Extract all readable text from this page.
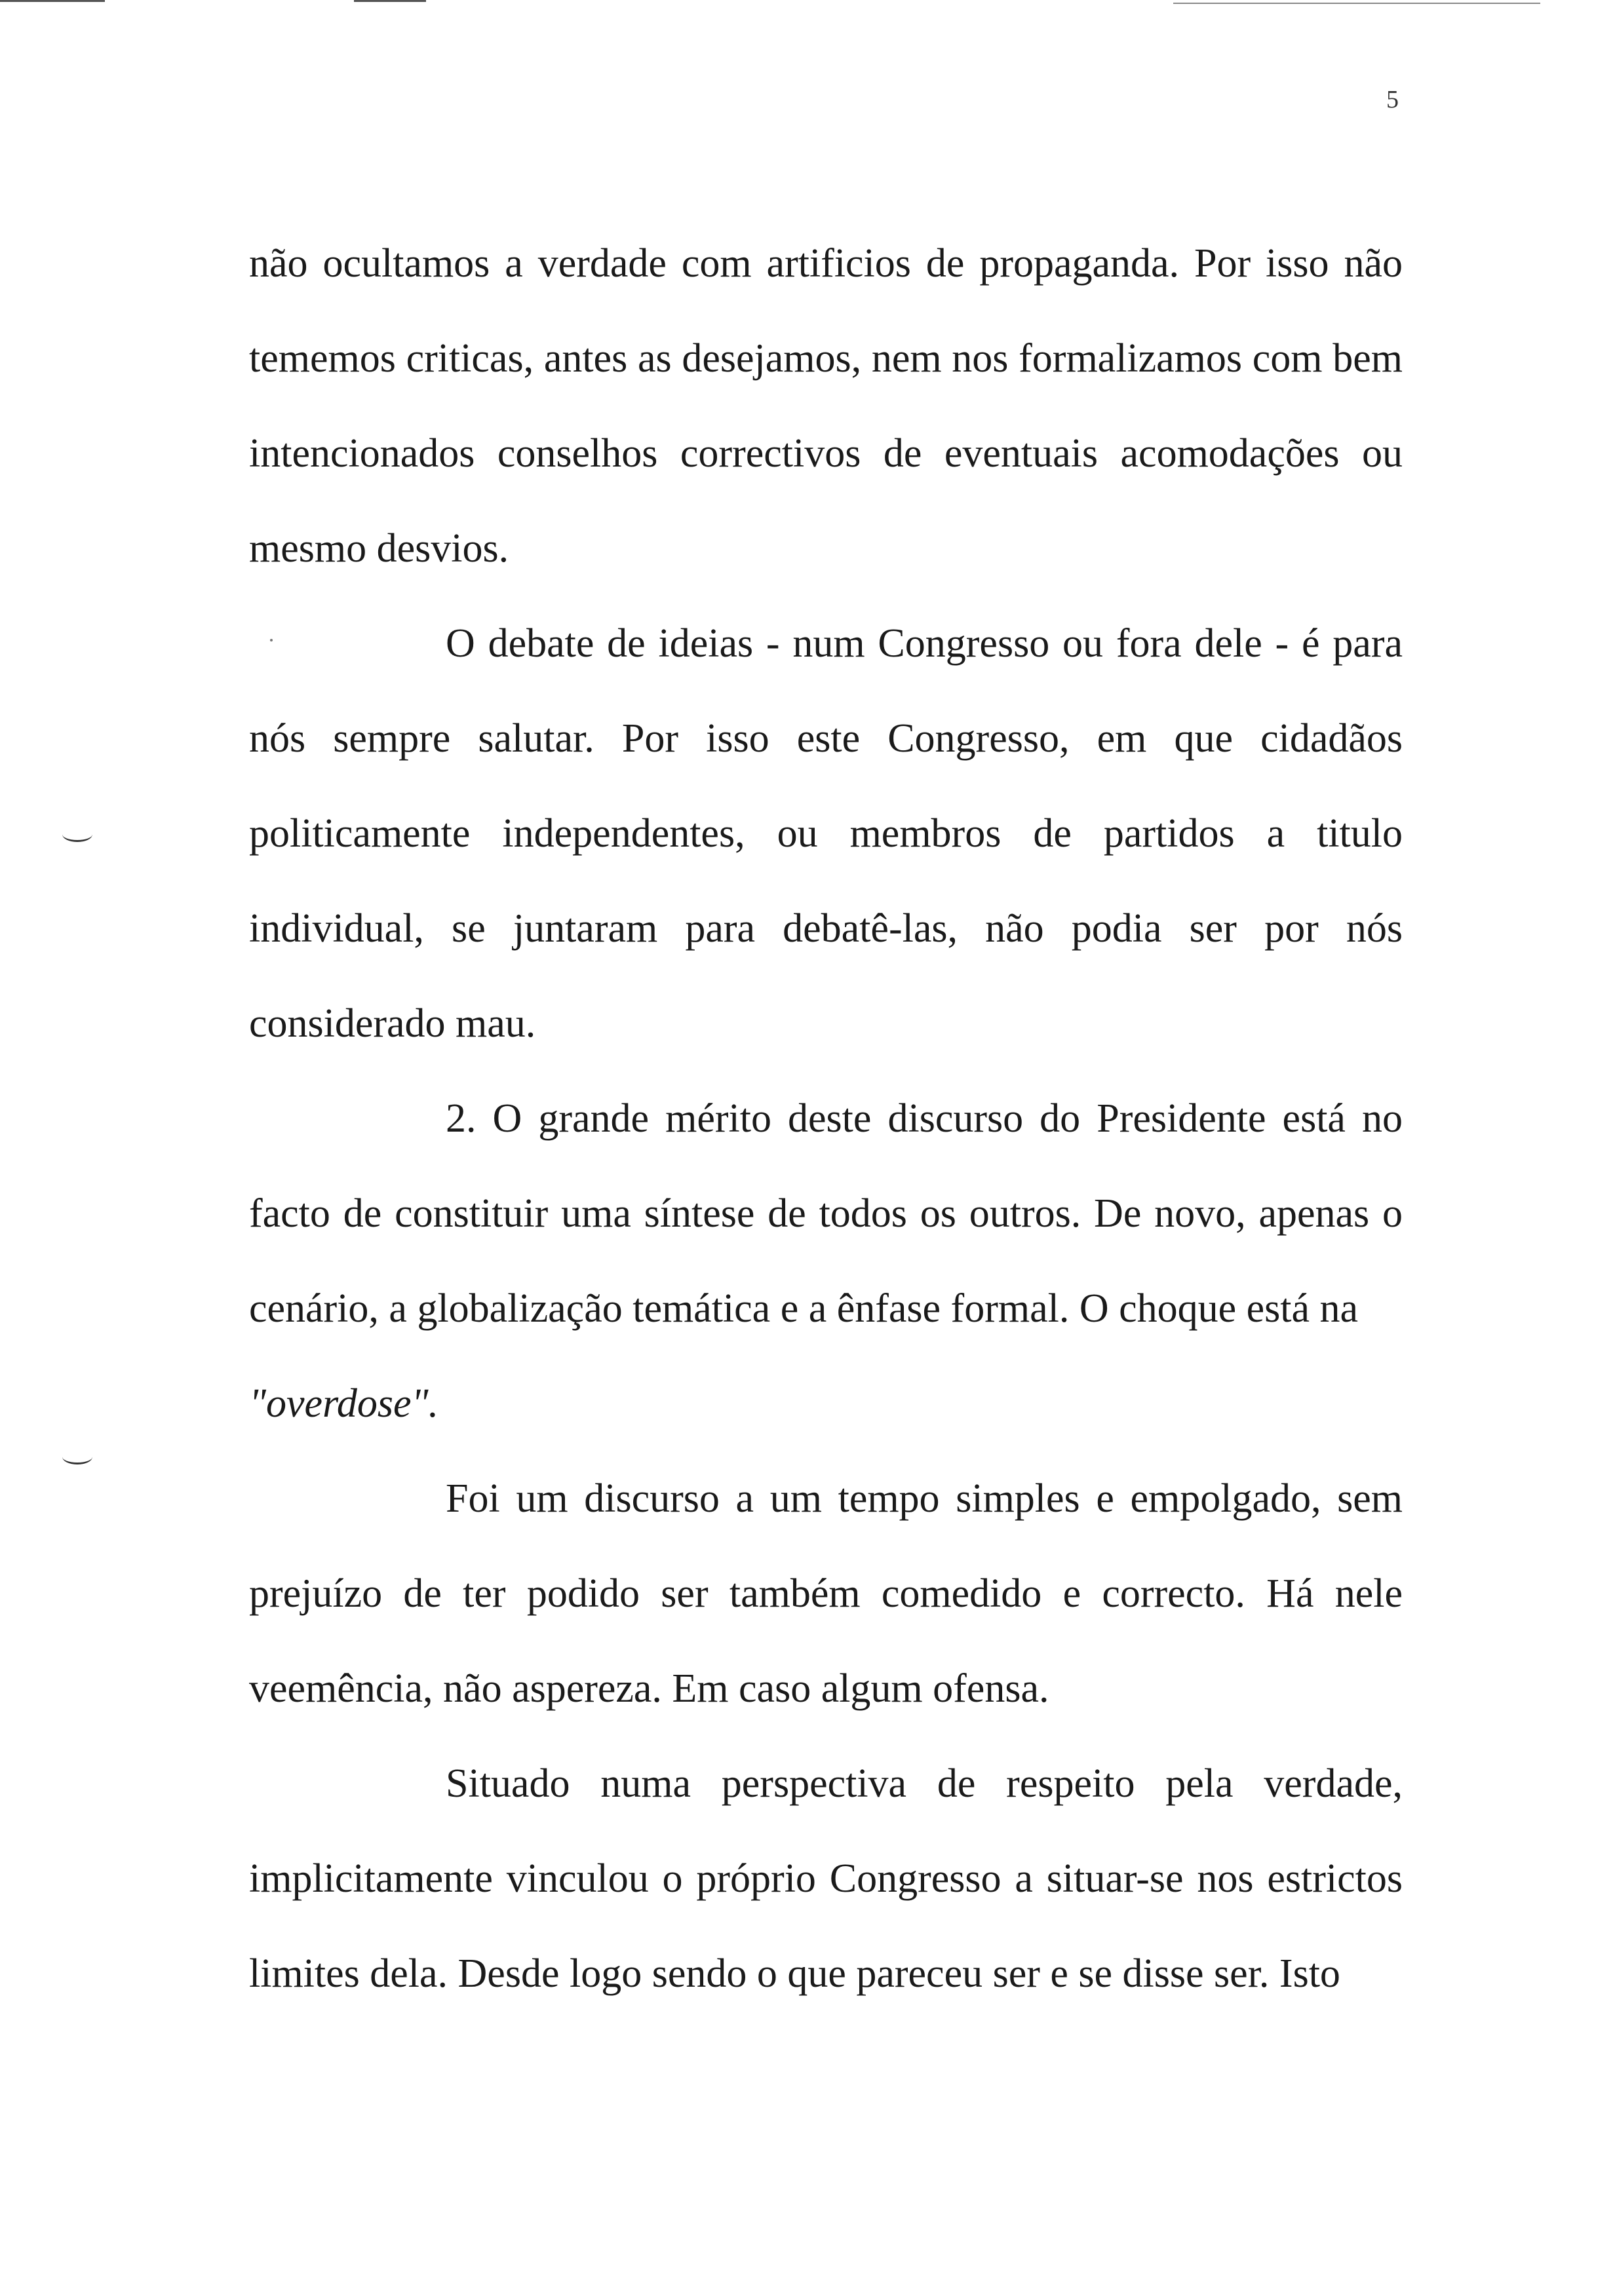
5

não ocultamos a verdade com artificios de propaganda. Por isso não tememos criticas, antes as desejamos, nem nos formalizamos com bem intencionados conselhos correctivos de eventuais acomodações ou mesmo desvios.

O debate de ideias - num Congresso ou fora dele - é para nós sempre salutar. Por isso este Congresso, em que cidadãos politicamente independentes, ou membros de partidos a titulo individual, se juntaram para debatê-las, não podia ser por nós considerado mau.

2. O grande mérito deste discurso do Presidente está no facto de constituir uma síntese de todos os outros. De novo, apenas o cenário, a globalização temática e a ênfase formal. O choque está na
"overdose".

Foi um discurso a um tempo simples e empolgado, sem prejuízo de ter podido ser também comedido e correcto. Há nele veemência, não aspereza. Em caso algum ofensa.

Situado numa perspectiva de respeito pela verdade, implicitamente vinculou o próprio Congresso a situar-se nos estrictos limites dela. Desde logo sendo o que pareceu ser e se disse ser. Isto
